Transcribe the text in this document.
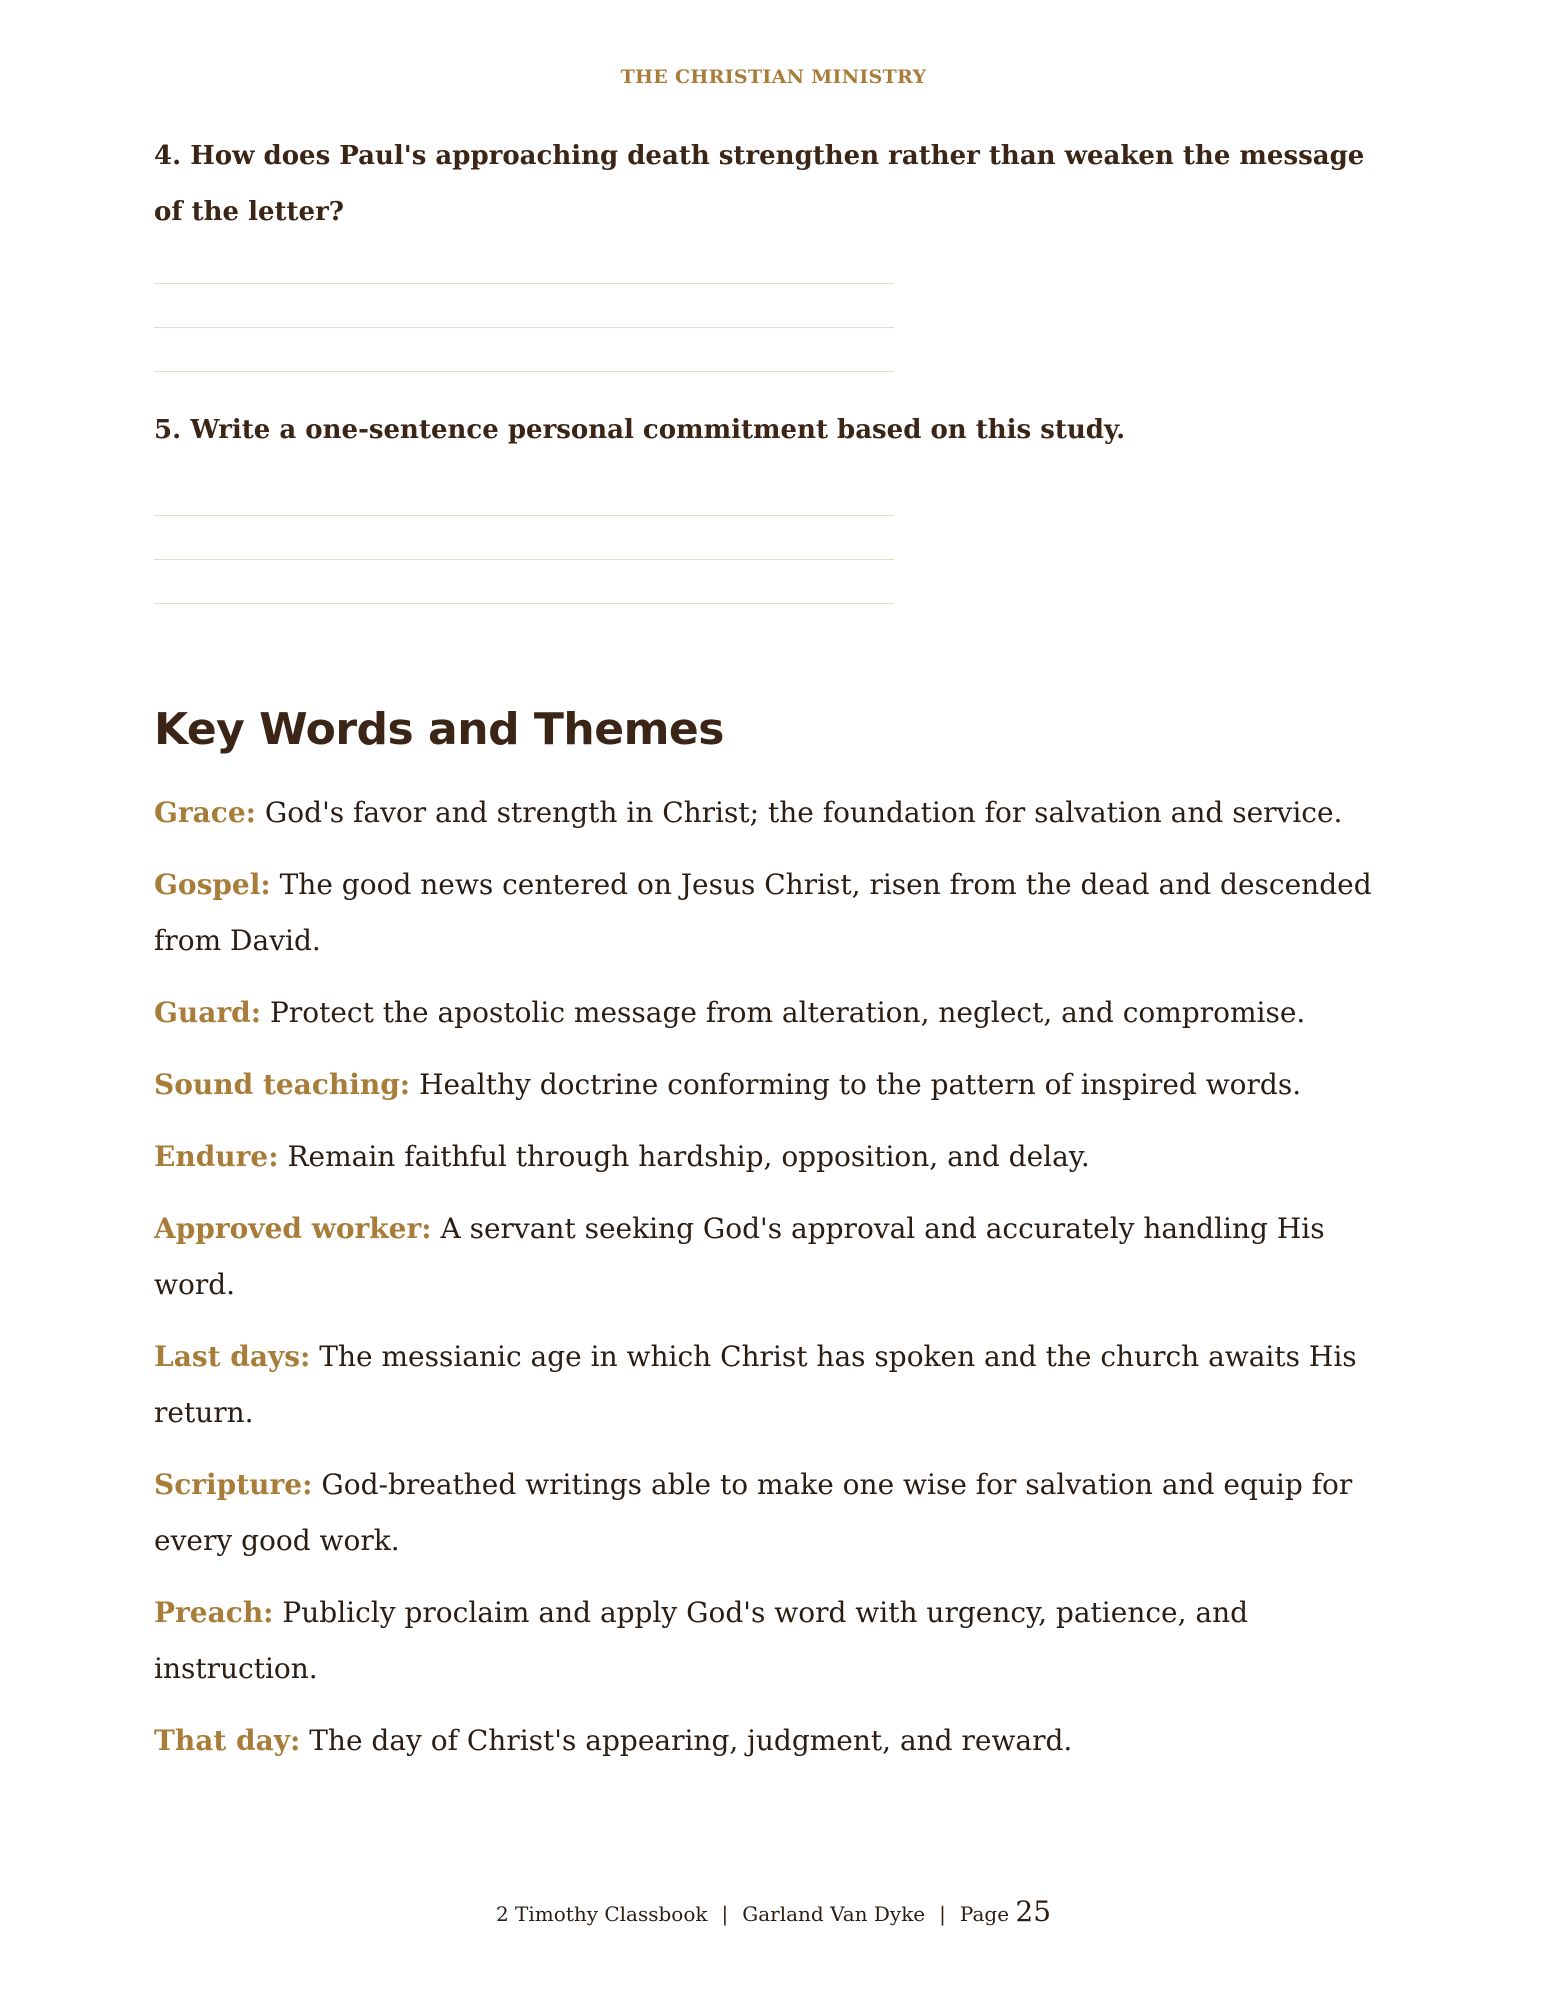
THE CHRISTIAN MINISTRY

4. How does Paul's approaching death strengthen rather than weaken the message of the letter?

5. Write a one-sentence personal commitment based on this study.

Key Words and Themes

Grace: God's favor and strength in Christ; the foundation for salvation and service.

Gospel: The good news centered on Jesus Christ, risen from the dead and descended from David.

Guard: Protect the apostolic message from alteration, neglect, and compromise.

Sound teaching: Healthy doctrine conforming to the pattern of inspired words.

Endure: Remain faithful through hardship, opposition, and delay.

Approved worker: A servant seeking God's approval and accurately handling His word.

Last days: The messianic age in which Christ has spoken and the church awaits His return.

Scripture: God-breathed writings able to make one wise for salvation and equip for every good work.

Preach: Publicly proclaim and apply God's word with urgency, patience, and instruction.

That day: The day of Christ's appearing, judgment, and reward.

2 Timothy Classbook | Garland Van Dyke | Page 25
